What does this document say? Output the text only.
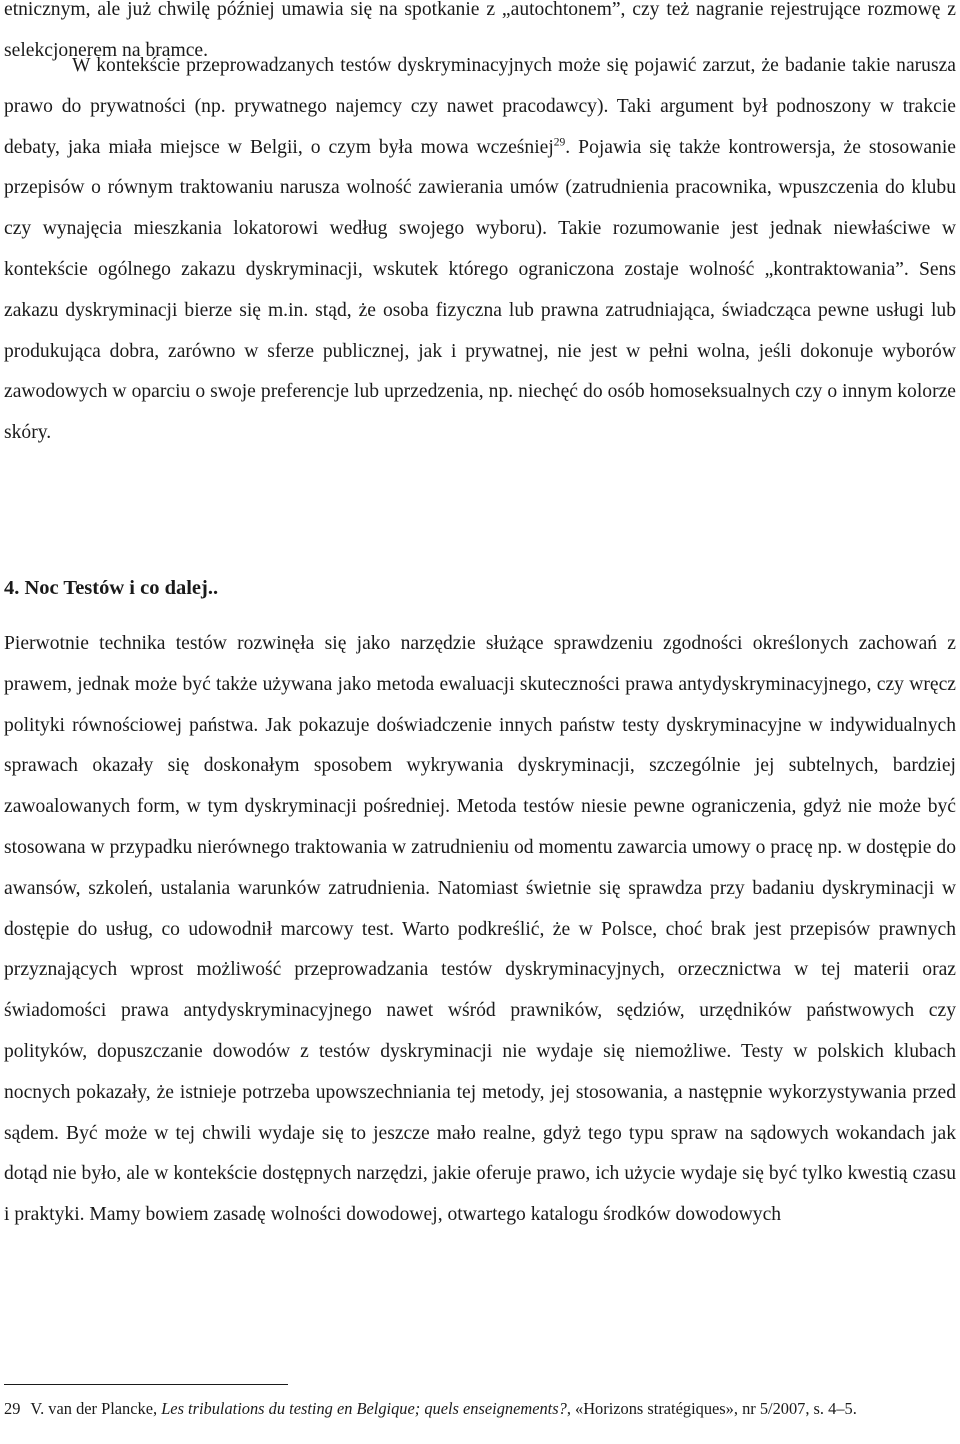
etnicznym, ale już chwilę później umawia się na spotkanie z „autochtonem”, czy też nagranie rejestrujące rozmowę z selekcjonerem na bramce.

W kontekście przeprowadzanych testów dyskryminacyjnych może się pojawić zarzut, że badanie takie narusza prawo do prywatności (np. prywatnego najemcy czy nawet pracodawcy). Taki argument był podnoszony w trakcie debaty, jaka miała miejsce w Belgii, o czym była mowa wcześniej$^{29}$. Pojawia się także kontrowersja, że stosowanie przepisów o równym traktowaniu narusza wolność zawierania umów (zatrudnienia pracownika, wpuszczenia do klubu czy wynajęcia mieszkania lokatorowi według swojego wyboru). Takie rozumowanie jest jednak niewłaściwe w kontekście ogólnego zakazu dyskryminacji, wskutek którego ograniczona zostaje wolność „kontraktowania”. Sens zakazu dyskryminacji bierze się m.in. stąd, że osoba fizyczna lub prawna zatrudniająca, świadcząca pewne usługi lub produkująca dobra, zarówno w sferze publicznej, jak i prywatnej, nie jest w pełni wolna, jeśli dokonuje wyborów zawodowych w oparciu o swoje preferencje lub uprzedzenia, np. niechęć do osób homoseksualnych czy o innym kolorze skóry.

4. Noc Testów i co dalej..

Pierwotnie technika testów rozwinęła się jako narzędzie służące sprawdzeniu zgodności określonych zachowań z prawem, jednak może być także używana jako metoda ewaluacji skuteczności prawa antydyskryminacyjnego, czy wręcz polityki równościowej państwa. Jak pokazuje doświadczenie innych państw testy dyskryminacyjne w indywidualnych sprawach okazały się doskonałym sposobem wykrywania dyskryminacji, szczególnie jej subtelnych, bardziej zawoalowanych form, w tym dyskryminacji pośredniej. Metoda testów niesie pewne ograniczenia, gdyż nie może być stosowana w przypadku nierównego traktowania w zatrudnieniu od momentu zawarcia umowy o pracę np. w dostępie do awansów, szkoleń, ustalania warunków zatrudnienia. Natomiast świetnie się sprawdza przy badaniu dyskryminacji w dostępie do usług, co udowodnił marcowy test. Warto podkreślić, że w Polsce, choć brak jest przepisów prawnych przyznających wprost możliwość przeprowadzania testów dyskryminacyjnych, orzecznictwa w tej materii oraz świadomości prawa antydyskryminacyjnego nawet wśród prawników, sędziów, urzędników państwowych czy polityków, dopuszczanie dowodów z testów dyskryminacji nie wydaje się niemożliwe. Testy w polskich klubach nocnych pokazały, że istnieje potrzeba upowszechniania tej metody, jej stosowania, a następnie wykorzystywania przed sądem. Być może w tej chwili wydaje się to jeszcze mało realne, gdyż tego typu spraw na sądowych wokandach jak dotąd nie było, ale w kontekście dostępnych narzędzi, jakie oferuje prawo, ich użycie wydaje się być tylko kwestią czasu i praktyki. Mamy bowiem zasadę wolności dowodowej, otwartego katalogu środków dowodowych

29 V. van der Plancke, Les tribulations du testing en Belgique; quels enseignements?, «Horizons stratégiques», nr 5/2007, s. 4–5.
